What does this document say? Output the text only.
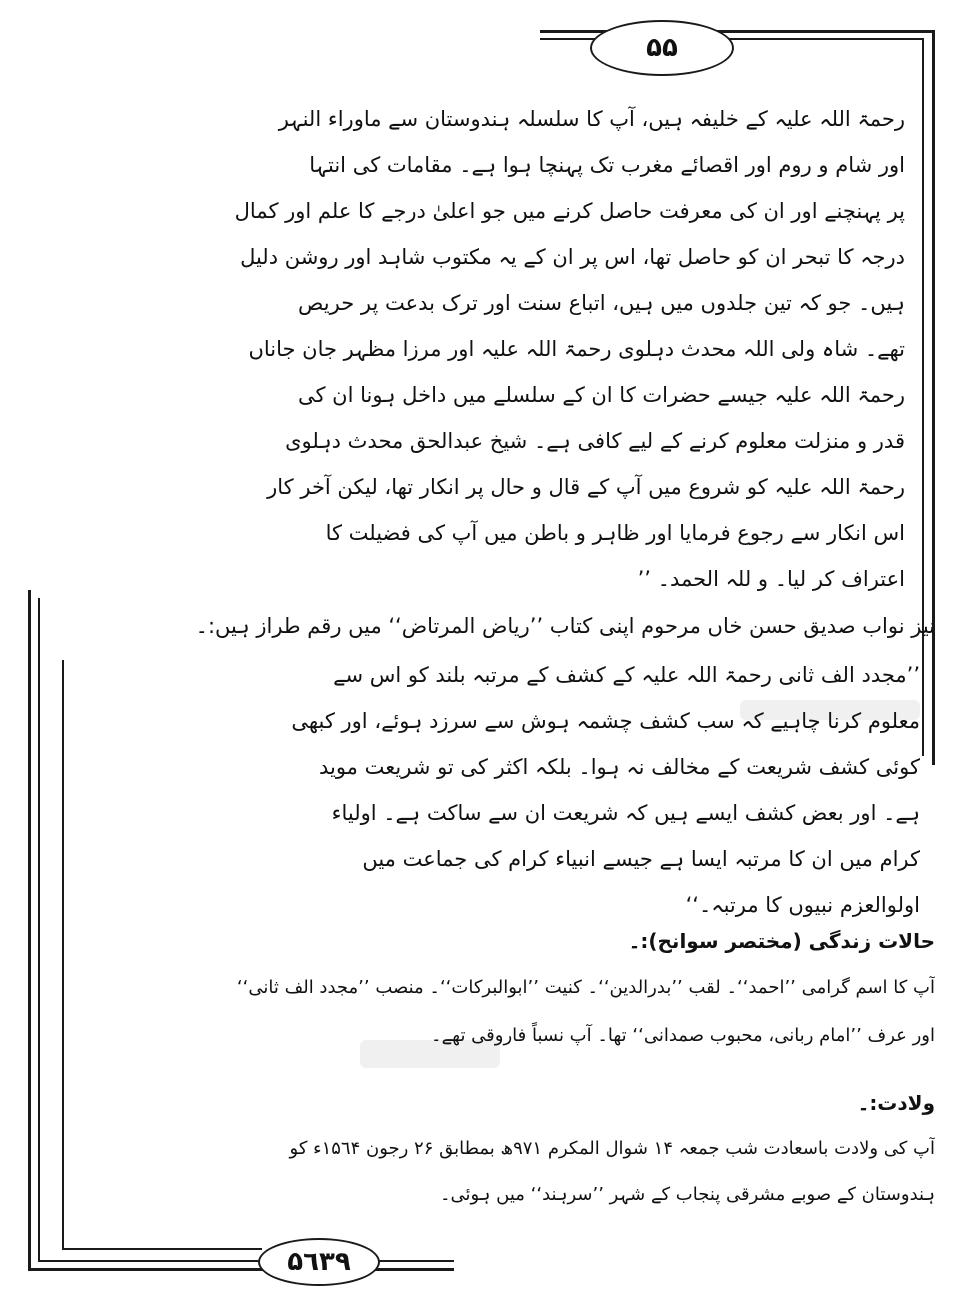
۵۵
۵٦۳۹
رحمۃ اللہ علیہ کے خلیفہ ہیں، آپ کا سلسلہ ہندوستان سے ماوراء النہر
اور شام و روم اور اقصائے مغرب تک پہنچا ہوا ہے۔ مقامات کی انتہا
پر پہنچنے اور ان کی معرفت حاصل کرنے میں جو اعلیٰ درجے کا علم اور کمال
درجہ کا تبحر ان کو حاصل تھا، اس پر ان کے یہ مکتوب شاہد اور روشن دلیل
ہیں۔ جو کہ تین جلدوں میں ہیں، اتباع سنت اور ترک بدعت پر حریص
تھے۔ شاہ ولی اللہ محدث دہلوی رحمۃ اللہ علیہ اور مرزا مظہر جان جاناں
رحمۃ اللہ علیہ جیسے حضرات کا ان کے سلسلے میں داخل ہونا ان کی
قدر و منزلت معلوم کرنے کے لیے کافی ہے۔ شیخ عبدالحق محدث دہلوی
رحمۃ اللہ علیہ کو شروع میں آپ کے قال و حال پر انکار تھا، لیکن آخر کار
اس انکار سے رجوع فرمایا اور ظاہر و باطن میں آپ کی فضیلت کا
اعتراف کر لیا۔ و للہ الحمد۔ ’’
نیز نواب صدیق حسن خاں مرحوم اپنی کتاب ’’ریاض المرتاض‘‘ میں رقم طراز ہیں:۔
’’مجدد الف ثانی رحمۃ اللہ علیہ کے کشف کے مرتبہ بلند کو اس سے
معلوم کرنا چاہیے کہ سب کشف چشمہ ہوش سے سرزد ہوئے، اور کبھی
کوئی کشف شریعت کے مخالف نہ ہوا۔ بلکہ اکثر کی تو شریعت موید
ہے۔ اور بعض کشف ایسے ہیں کہ شریعت ان سے ساکت ہے۔ اولیاء
کرام میں ان کا مرتبہ ایسا ہے جیسے انبیاء کرام کی جماعت میں
اولوالعزم نبیوں کا مرتبہ۔‘‘
حالات زندگی (مختصر سوانح):۔
آپ کا اسم گرامی ’’احمد‘‘۔ لقب ’’بدرالدین‘‘۔ کنیت ’’ابوالبرکات‘‘۔ منصب ’’مجدد الف ثانی‘‘
اور عرف ’’امام ربانی، محبوب صمدانی‘‘ تھا۔ آپ نسباً فاروقی تھے۔
ولادت:۔
آپ کی ولادت باسعادت شب جمعہ ۱۴ شوال المکرم ۹۷۱ھ بمطابق ۲۶ رجون ۱۵٦۴ء کو
ہندوستان کے صوبے مشرقی پنجاب کے شہر ’’سرہند‘‘ میں ہوئی۔
